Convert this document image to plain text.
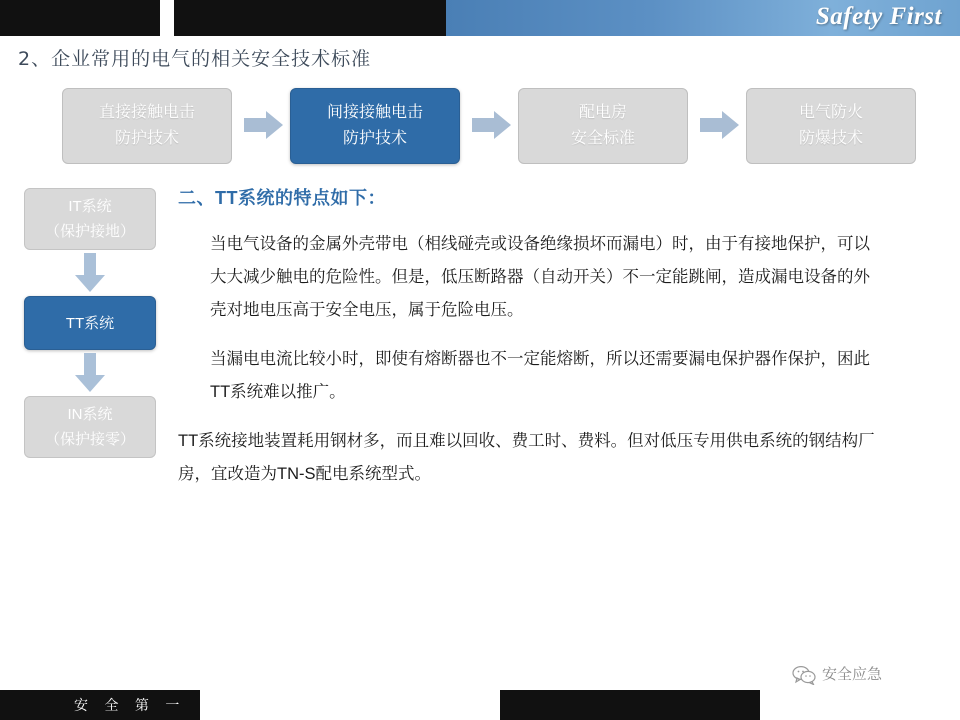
Safety First
2、企业常用的电气的相关安全技术标准
直接接触电击
防护技术
间接接触电击
防护技术
配电房
安全标准
电气防火
防爆技术
IT系统
（保护接地）
TT系统
IN系统
（保护接零）
二、TT系统的特点如下：

当电气设备的金属外壳带电（相线碰壳或设备绝缘损坏而漏电）时，由于有接地保护，可以大大减少触电的危险性。但是，低压断路器（自动开关）不一定能跳闸，造成漏电设备的外壳对地电压高于安全电压，属于危险电压。

当漏电电流比较小时，即使有熔断器也不一定能熔断，所以还需要漏电保护器作保护，困此TT系统难以推广。

TT系统接地装置耗用钢材多，而且难以回收、费工时、费料。但对低压专用供电系统的钢结构厂房，宜改造为TN-S配电系统型式。

安全应急
安 全 第 一
